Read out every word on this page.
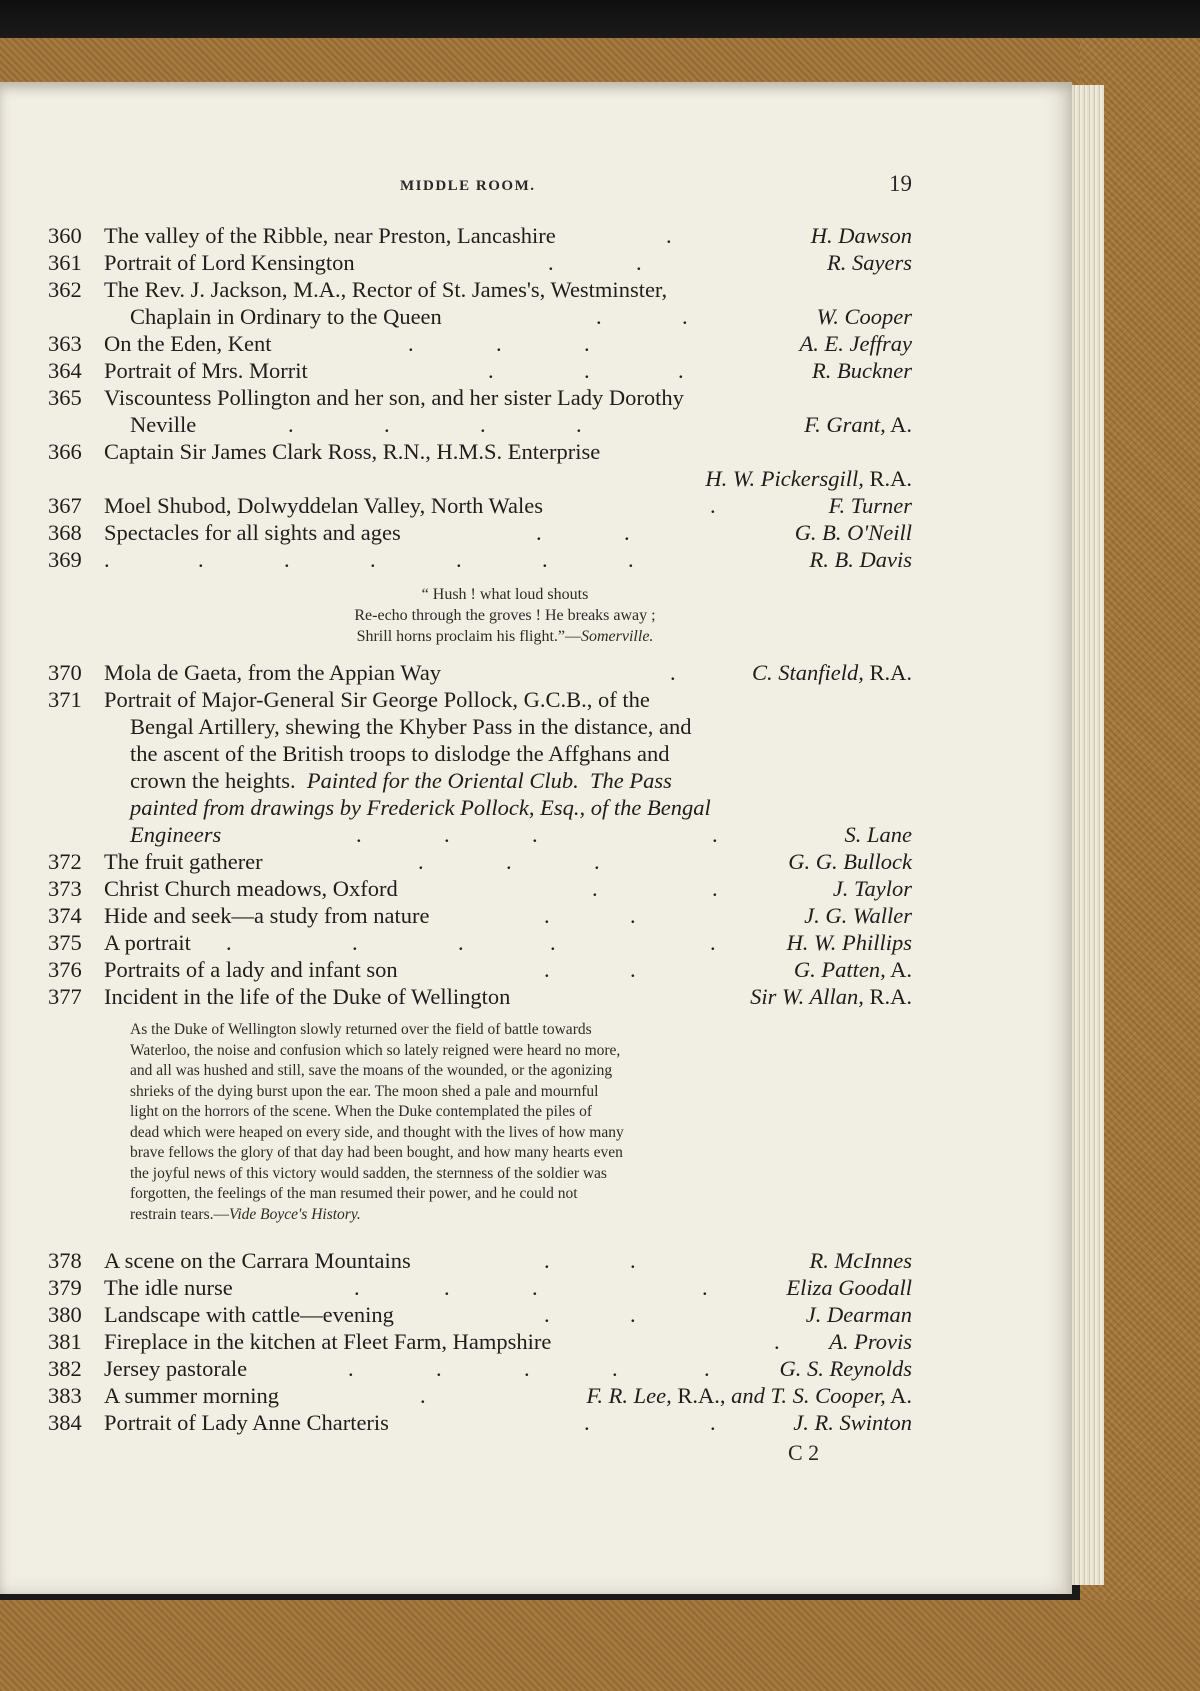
MIDDLE ROOM.	19
360 The valley of the Ribble, near Preston, Lancashire	.	H. Dawson
361 Portrait of Lord Kensington	.	.	R. Sayers
362 The Rev. J. Jackson, M.A., Rector of St. James's, Westminster,
Chaplain in Ordinary to the Queen	.	.	W. Cooper
363 On the Eden, Kent	.	.	.	A. E. Jeffray
364 Portrait of Mrs. Morrit	.	.	.	R. Buckner
365 Viscountess Pollington and her son, and her sister Lady Dorothy
Neville	.	.	.	.	F. Grant, A.
366 Captain Sir James Clark Ross, R.N., H.M.S. Enterprise
H. W. Pickersgill, R.A.
367 Moel Shubod, Dolwyddelan Valley, North Wales	.	F. Turner
368 Spectacles for all sights and ages	.	.	G. B. O'Neill
369 .	.	.	.	.	.	.	R. B. Davis
“ Hush ! what loud shouts
Re-echo through the groves ! He breaks away ;
Shrill horns proclaim his flight.”—Somerville.
370 Mola de Gaeta, from the Appian Way	.	C. Stanfield, R.A.
371 Portrait of Major-General Sir George Pollock, G.C.B., of the
Bengal Artillery, shewing the Khyber Pass in the distance, and
the ascent of the British troops to dislodge the Affghans and
crown the heights. Painted for the Oriental Club. The Pass
painted from drawings by Frederick Pollock, Esq., of the Bengal
Engineers	.	.	.	.	S. Lane
372 The fruit gatherer	.	.	.	G. G. Bullock
373 Christ Church meadows, Oxford	.	.	J. Taylor
374 Hide and seek—a study from nature	.	.	J. G. Waller
375 A portrait .	.	.	.	.	H. W. Phillips
376 Portraits of a lady and infant son	.	.	G. Patten, A.
377 Incident in the life of the Duke of Wellington	Sir W. Allan, R.A.
As the Duke of Wellington slowly returned over the field of battle towards
Waterloo, the noise and confusion which so lately reigned were heard no more,
and all was hushed and still, save the moans of the wounded, or the agonizing
shrieks of the dying burst upon the ear. The moon shed a pale and mournful
light on the horrors of the scene. When the Duke contemplated the piles of
dead which were heaped on every side, and thought with the lives of how many
brave fellows the glory of that day had been bought, and how many hearts even
the joyful news of this victory would sadden, the sternness of the soldier was
forgotten, the feelings of the man resumed their power, and he could not
restrain tears.—Vide Boyce's History.
378 A scene on the Carrara Mountains	.	.	R. McInnes
379 The idle nurse	.	.	.	.	Eliza Goodall
380 Landscape with cattle—evening	.	.	J. Dearman
381 Fireplace in the kitchen at Fleet Farm, Hampshire	. A. Provis
382 Jersey pastorale	.	.	.	.	.	G. S. Reynolds
383 A summer morning	.	F. R. Lee, R.A., and T. S. Cooper, A.
384 Portrait of Lady Anne Charteris	.	.	J. R. Swinton
C 2
